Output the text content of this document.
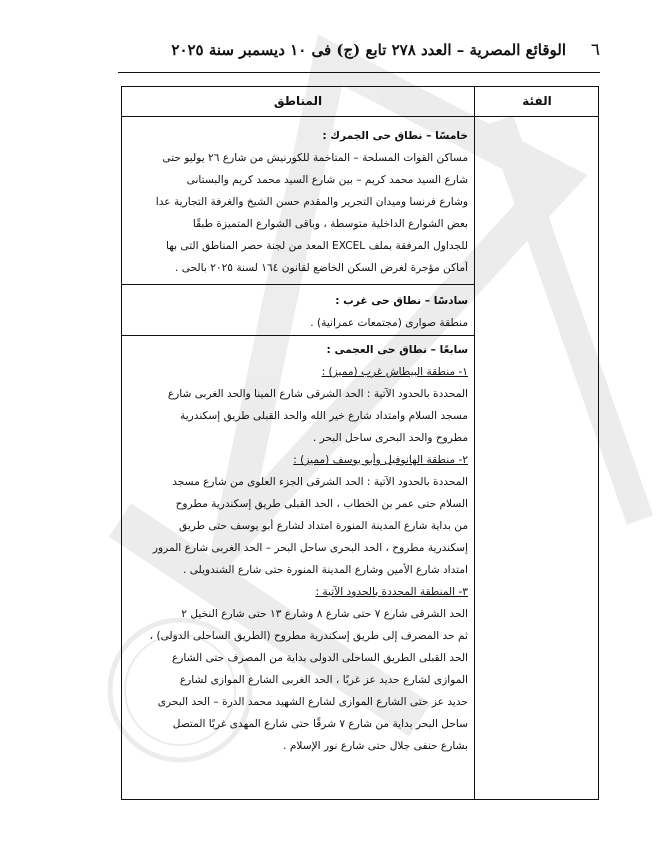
٦
الوقائع المصرية – العدد ٢٧٨ تابع (ج) فى ١٠ ديسمبر سنة ٢٠٢٥
الفئة
المناطق
خامسًا – نطاق حى الجمرك :
مساكن القوات المسلحة – المتاخمة للكورنيش من شارع ٢٦ يوليو حتى
شارع السيد محمد كريم – بين شارع السيد محمد كريم والبستانى
وشارع فرنسا وميدان التحرير والمقدم حسن الشيخ والغرفة التجارية عدا
بعض الشوارع الداخلية متوسطة ، وباقى الشوارع المتميزة طبقًا
للجداول المرفقة بملف EXCEL المعد من لجنة حصر المناطق التى بها
أماكن مؤجرة لغرض السكن الخاضع لقانون ١٦٤ لسنة ٢٠٢٥ بالحى .
سادسًا – نطاق حى غرب :
منطقة صوارى (مجتمعات عمرانية) .
سابعًا – نطاق حى العجمى :
١- منطقة البيطاش غرب (مميز) :
المحددة بالحدود الآتية : الحد الشرقى شارع المينا والحد الغربى شارع
مسجد السلام وامتداد شارع خير الله والحد القبلى طريق إسكندرية
مطروح والحد البحرى ساحل البحر .
٢- منطقة الهانوفيل وأبو يوسف (مميز) :
المحددة بالحدود الآتية : الحد الشرقى الجزء العلوى من شارع مسجد
السلام حتى عمر بن الخطاب ، الحد القبلى طريق إسكندرية مطروح
من بداية شارع المدينة المنورة امتداد لشارع أبو يوسف حتى طريق
إسكندرية مطروح ، الحد البحرى ساحل البحر – الحد الغربى شارع المرور
امتداد شارع الأمين وشارع المدينة المنورة حتى شارع الشندويلى .
٣- المنطقة المحددة بالحدود الآتية :
الحد الشرقى شارع ٧ حتى شارع ٨ وشارع ١٣ حتى شارع النخيل ٢
ثم حد المصرف إلى طريق إسكندرية مطروح (الطريق الساحلى الدولى) ،
الحد القبلى الطريق الساحلى الدولى بداية من المصرف حتى الشارع
الموازى لشارع حديد عز غربًا ، الحد الغربى الشارع الموازى لشارع
حديد عز حتى الشارع الموازى لشارع الشهيد محمد الدرة – الحد البحرى
ساحل البحر بداية من شارع ٧ شرقًا حتى شارع المهدى غربًا المتصل
بشارع حنفى جلال حتى شارع نور الإسلام .
